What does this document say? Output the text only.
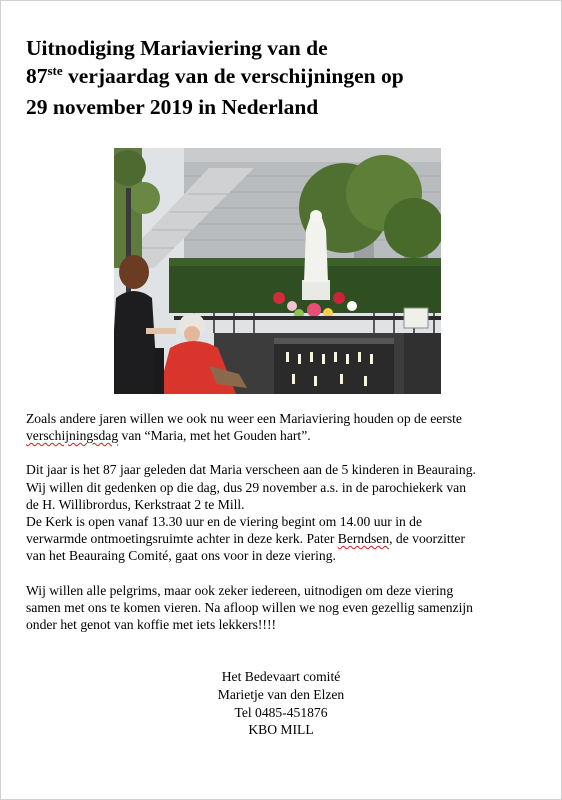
Uitnodiging Mariaviering van de
87ste verjaardag van de verschijningen op
29 november 2019 in Nederland

Zoals andere jaren willen we ook nu weer een Mariaviering houden op de eerste
verschijningsdag van “Maria, met het Gouden hart”.

Dit jaar is het 87 jaar geleden dat Maria verscheen aan de 5 kinderen in Beauraing.
Wij willen dit gedenken op die dag, dus 29 november a.s. in de parochiekerk van
de H. Willibrordus, Kerkstraat 2 te Mill.
De Kerk is open vanaf 13.30 uur en de viering begint om 14.00 uur in de
verwarmde ontmoetingsruimte achter in deze kerk. Pater Berndsen, de voorzitter
van het Beauraing Comité, gaat ons voor in deze viering.

Wij willen alle pelgrims, maar ook zeker iedereen, uitnodigen om deze viering
samen met ons te komen vieren. Na afloop willen we nog even gezellig samenzijn
onder het genot van koffie met iets lekkers!!!!

Het Bedevaart comité
Marietje van den Elzen
Tel 0485-451876
KBO MILL
